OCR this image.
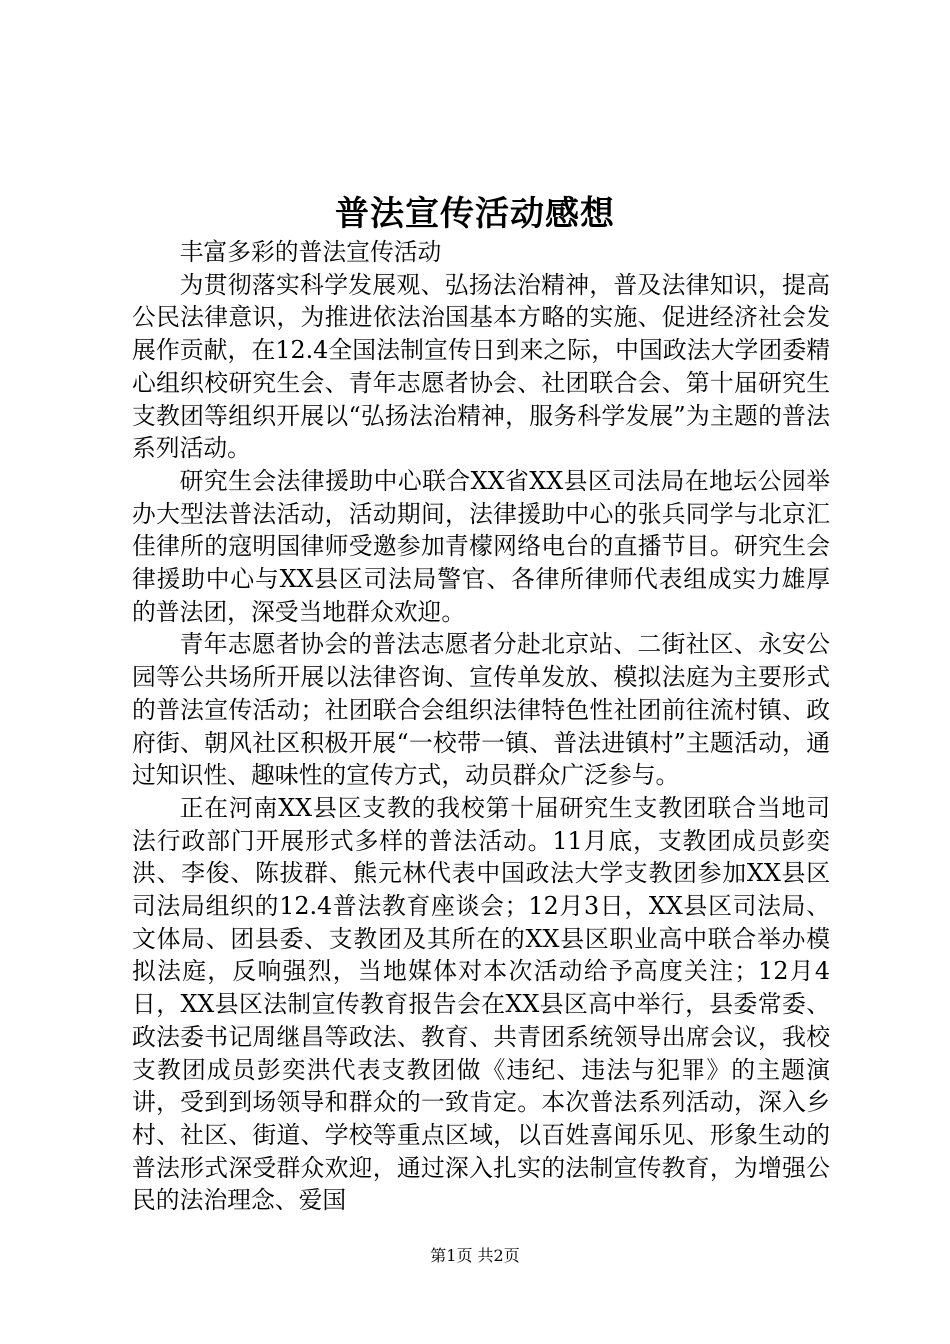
普法宣传活动感想

丰富多彩的普法宣传活动

为贯彻落实科学发展观、弘扬法治精神，普及法律知识，提高公民法律意识，为推进依法治国基本方略的实施、促进经济社会发展作贡献，在12.4全国法制宣传日到来之际，中国政法大学团委精心组织校研究生会、青年志愿者协会、社团联合会、第十届研究生支教团等组织开展以“弘扬法治精神，服务科学发展”为主题的普法系列活动。

研究生会法律援助中心联合XX省XX县区司法局在地坛公园举办大型法普法活动，活动期间，法律援助中心的张兵同学与北京汇佳律所的寇明国律师受邀参加青檬网络电台的直播节目。研究生会律援助中心与XX县区司法局警官、各律所律师代表组成实力雄厚的普法团，深受当地群众欢迎。

青年志愿者协会的普法志愿者分赴北京站、二街社区、永安公园等公共场所开展以法律咨询、宣传单发放、模拟法庭为主要形式的普法宣传活动；社团联合会组织法律特色性社团前往流村镇、政府街、朝风社区积极开展“一校带一镇、普法进镇村”主题活动，通过知识性、趣味性的宣传方式，动员群众广泛参与。

正在河南XX县区支教的我校第十届研究生支教团联合当地司法行政部门开展形式多样的普法活动。11月底，支教团成员彭奕洪、李俊、陈拔群、熊元林代表中国政法大学支教团参加XX县区司法局组织的12.4普法教育座谈会；12月3日，XX县区司法局、文体局、团县委、支教团及其所在的XX县区职业高中联合举办模拟法庭，反响强烈，当地媒体对本次活动给予高度关注；12月4日，XX县区法制宣传教育报告会在XX县区高中举行，县委常委、政法委书记周继昌等政法、教育、共青团系统领导出席会议，我校支教团成员彭奕洪代表支教团做《违纪、违法与犯罪》的主题演讲，受到到场领导和群众的一致肯定。本次普法系列活动，深入乡村、社区、街道、学校等重点区域，以百姓喜闻乐见、形象生动的普法形式深受群众欢迎，通过深入扎实的法制宣传教育，为增强公民的法治理念、爱国

第1页 共2页
